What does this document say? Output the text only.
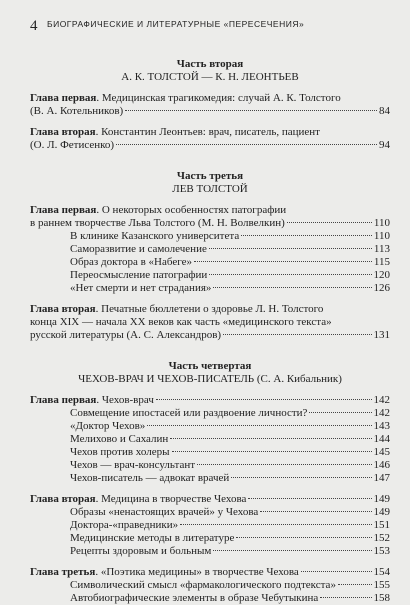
4 $^{БИОГРАФИЧЕСКИЕ И ЛИТЕРАТУРНЫЕ «ПЕРЕСЕЧЕНИЯ»}$
Часть вторая
А. К. ТОЛСТОЙ — К. Н. ЛЕОНТЬЕВ
Глава первая. Медицинская трагикомедия: случай А. К. Толстого
(В. А. Котельников)	84
Глава вторая. Константин Леонтьев: врач, писатель, пациент
(О. Л. Фетисенко)	94
Часть третья
ЛЕВ ТОЛСТОЙ
Глава первая. О некоторых особенностях патографии
в раннем творчестве Льва Толстого (М. Н. Волвелкин)	110
В клинике Казанского университета	110
Саморазвитие и самолечение	113
Образ доктора в «Набеге»	115
Переосмысление патографии	120
«Нет смерти и нет страдания»	126
Глава вторая. Печатные бюллетени о здоровье Л. Н. Толстого
конца XIX — начала XX веков как часть «медицинского текста»
русской литературы (А. С. Александров)	131
Часть четвертая
ЧЕХОВ-ВРАЧ И ЧЕХОВ-ПИСАТЕЛЬ (С. А. Кибальник)
Глава первая. Чехов-врач	142
Совмещение ипостасей или раздвоение личности?	142
«Доктор Чехов»	143
Мелихово и Сахалин	144
Чехов против холеры	145
Чехов — врач-консультант	146
Чехов-писатель — адвокат врачей	147
Глава вторая. Медицина в творчестве Чехова	149
Образы «ненастоящих врачей» у Чехова	149
Доктора-«праведники»	151
Медицинские методы в литературе	152
Рецепты здоровым и больным	153
Глава третья. «Поэтика медицины» в творчестве Чехова	154
Символический смысл «фармакологического подтекста»	155
Автобиографические элементы в образе Чебутыкина	158
